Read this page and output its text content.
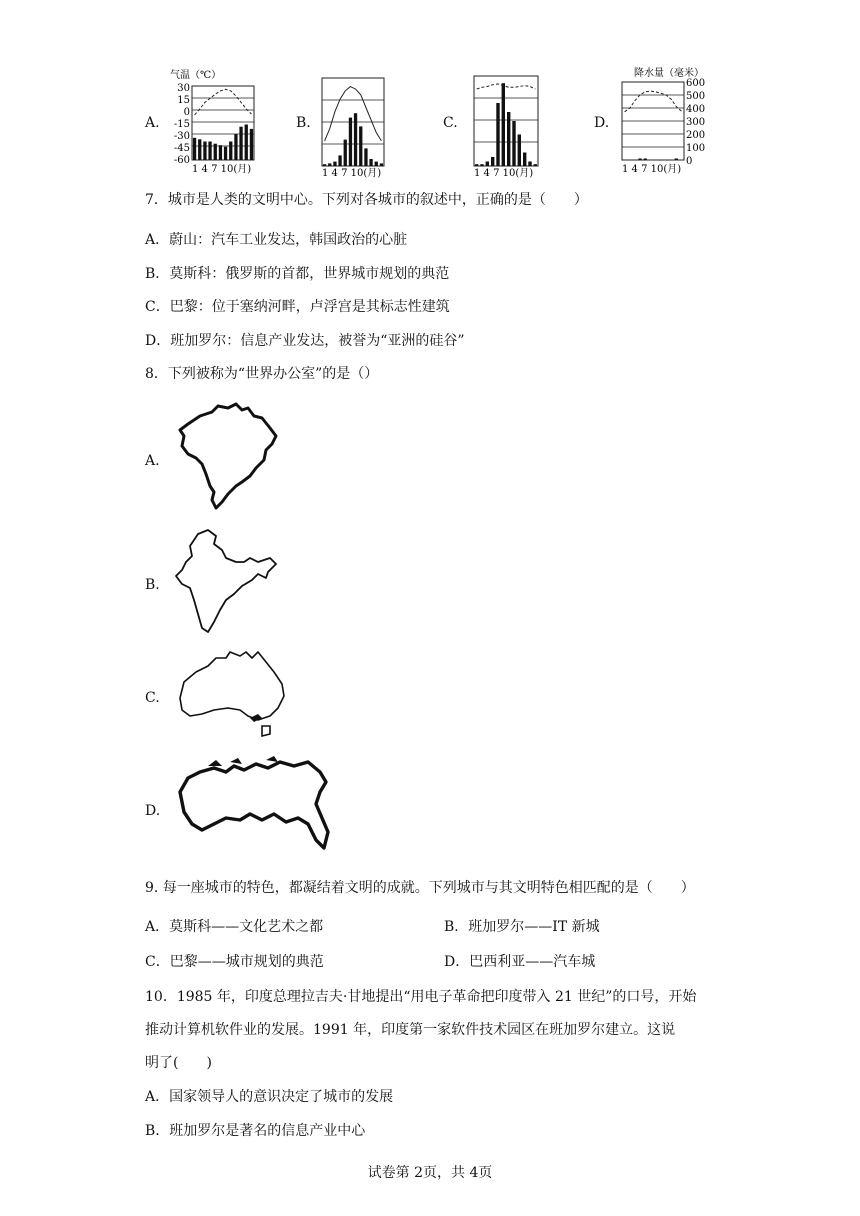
A.
气温（℃）
30
15
0
-15
-30
-45
-60
1 4 7 10(月)
B.
1 4 7 10(月)
C.
1 4 7 10(月)
D.
降水量（毫米）
600
500
400
300
200
100
0
1 4 7 10(月)
7．城市是人类的文明中心。下列对各城市的叙述中，正确的是（　　）
A．蔚山：汽车工业发达，韩国政治的心脏
B．莫斯科：俄罗斯的首都，世界城市规划的典范
C．巴黎：位于塞纳河畔，卢浮宫是其标志性建筑
D．班加罗尔：信息产业发达，被誉为“亚洲的硅谷”
8．下列被称为“世界办公室”的是（）
A.
B.
C.
D.
9. 每一座城市的特色，都凝结着文明的成就。下列城市与其文明特色相匹配的是（　　）
A．莫斯科——文化艺术之都	B．班加罗尔——IT 新城
C．巴黎——城市规划的典范	D．巴西利亚——汽车城
10．1985 年，印度总理拉吉夫·甘地提出“用电子革命把印度带入 21 世纪”的口号，开始
推动计算机软件业的发展。1991 年，印度第一家软件技术园区在班加罗尔建立。这说
明了(　　)
A．国家领导人的意识决定了城市的发展
B．班加罗尔是著名的信息产业中心
试卷第 2页，共 4页
